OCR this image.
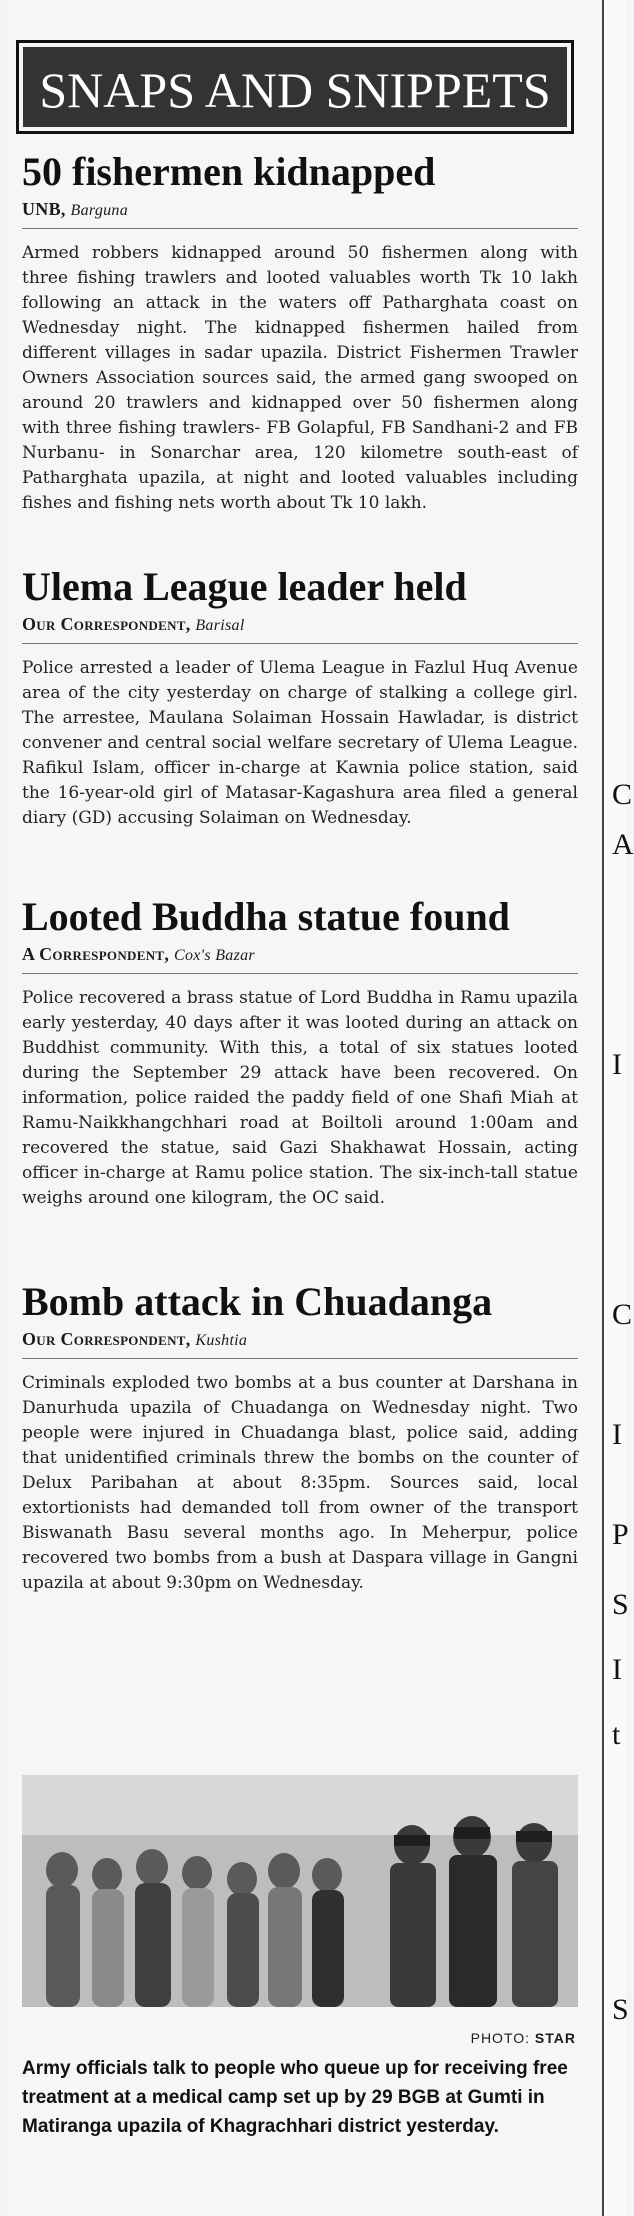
SNAPS AND SNIPPETS
50 fishermen kidnapped
UNB, Barguna

Armed robbers kidnapped around 50 fishermen along with three fishing trawlers and looted valuables worth Tk 10 lakh following an attack in the waters off Patharghata coast on Wednesday night. The kidnapped fishermen hailed from different villages in sadar upazila. District Fishermen Trawler Owners Association sources said, the armed gang swooped on around 20 trawlers and kidnapped over 50 fishermen along with three fishing trawlers- FB Golapful, FB Sandhani-2 and FB Nurbanu- in Sonarchar area, 120 kilometre south-east of Patharghata upazila, at night and looted valuables including fishes and fishing nets worth about Tk 10 lakh.

Ulema League leader held
Our Correspondent, Barisal

Police arrested a leader of Ulema League in Fazlul Huq Avenue area of the city yesterday on charge of stalking a college girl. The arrestee, Maulana Solaiman Hossain Hawladar, is district convener and central social welfare secretary of Ulema League. Rafikul Islam, officer in-charge at Kawnia police station, said the 16-year-old girl of Matasar-Kagashura area filed a general diary (GD) accusing Solaiman on Wednesday.

Looted Buddha statue found
A Correspondent, Cox's Bazar

Police recovered a brass statue of Lord Buddha in Ramu upazila early yesterday, 40 days after it was looted during an attack on Buddhist community. With this, a total of six statues looted during the September 29 attack have been recovered. On information, police raided the paddy field of one Shafi Miah at Ramu-Naikkhangchhari road at Boiltoli around 1:00am and recovered the statue, said Gazi Shakhawat Hossain, acting officer in-charge at Ramu police station. The six-inch-tall statue weighs around one kilogram, the OC said.

Bomb attack in Chuadanga
Our Correspondent, Kushtia

Criminals exploded two bombs at a bus counter at Darshana in Danurhuda upazila of Chuadanga on Wednesday night. Two people were injured in Chuadanga blast, police said, adding that unidentified criminals threw the bombs on the counter of Delux Paribahan at about 8:35pm. Sources said, local extortionists had demanded toll from owner of the transport Biswanath Basu several months ago. In Meherpur, police recovered two bombs from a bush at Daspara village in Gangni upazila at about 9:30pm on Wednesday.

PHOTO: STAR
Army officials talk to people who queue up for receiving free treatment at a medical camp set up by 29 BGB at Gumti in Matiranga upazila of Khagrachhari district yesterday.
C
A
I
C
I
P
S
I
t
S
